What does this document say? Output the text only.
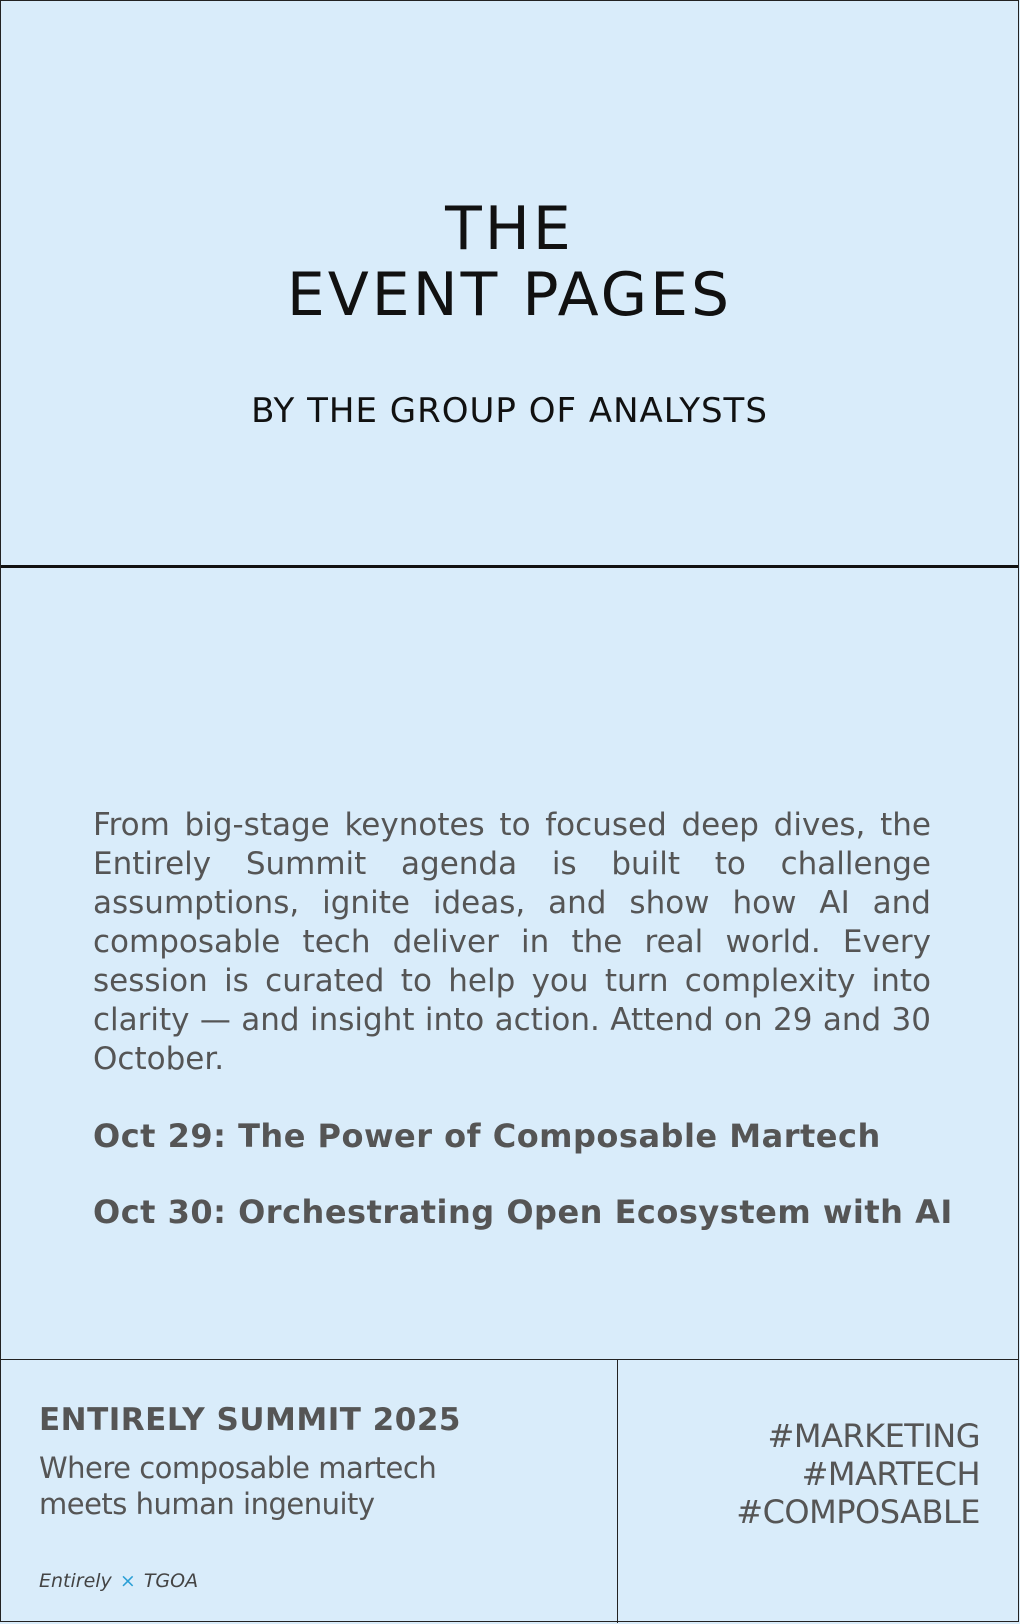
THE
EVENT PAGES
BY THE GROUP OF ANALYSTS

From big-stage keynotes to focused deep dives, the Entirely Summit agenda is built to challenge assumptions, ignite ideas, and show how AI and composable tech deliver in the real world. Every session is curated to help you turn complexity into clarity — and insight into action. Attend on 29 and 30 October.

Oct 29: The Power of Composable Martech

Oct 30: Orchestrating Open Ecosystem with AI

ENTIRELY SUMMIT 2025
Where composable martech
meets human ingenuity
Entirely × TGOA
#MARKETING
#MARTECH
#COMPOSABLE
